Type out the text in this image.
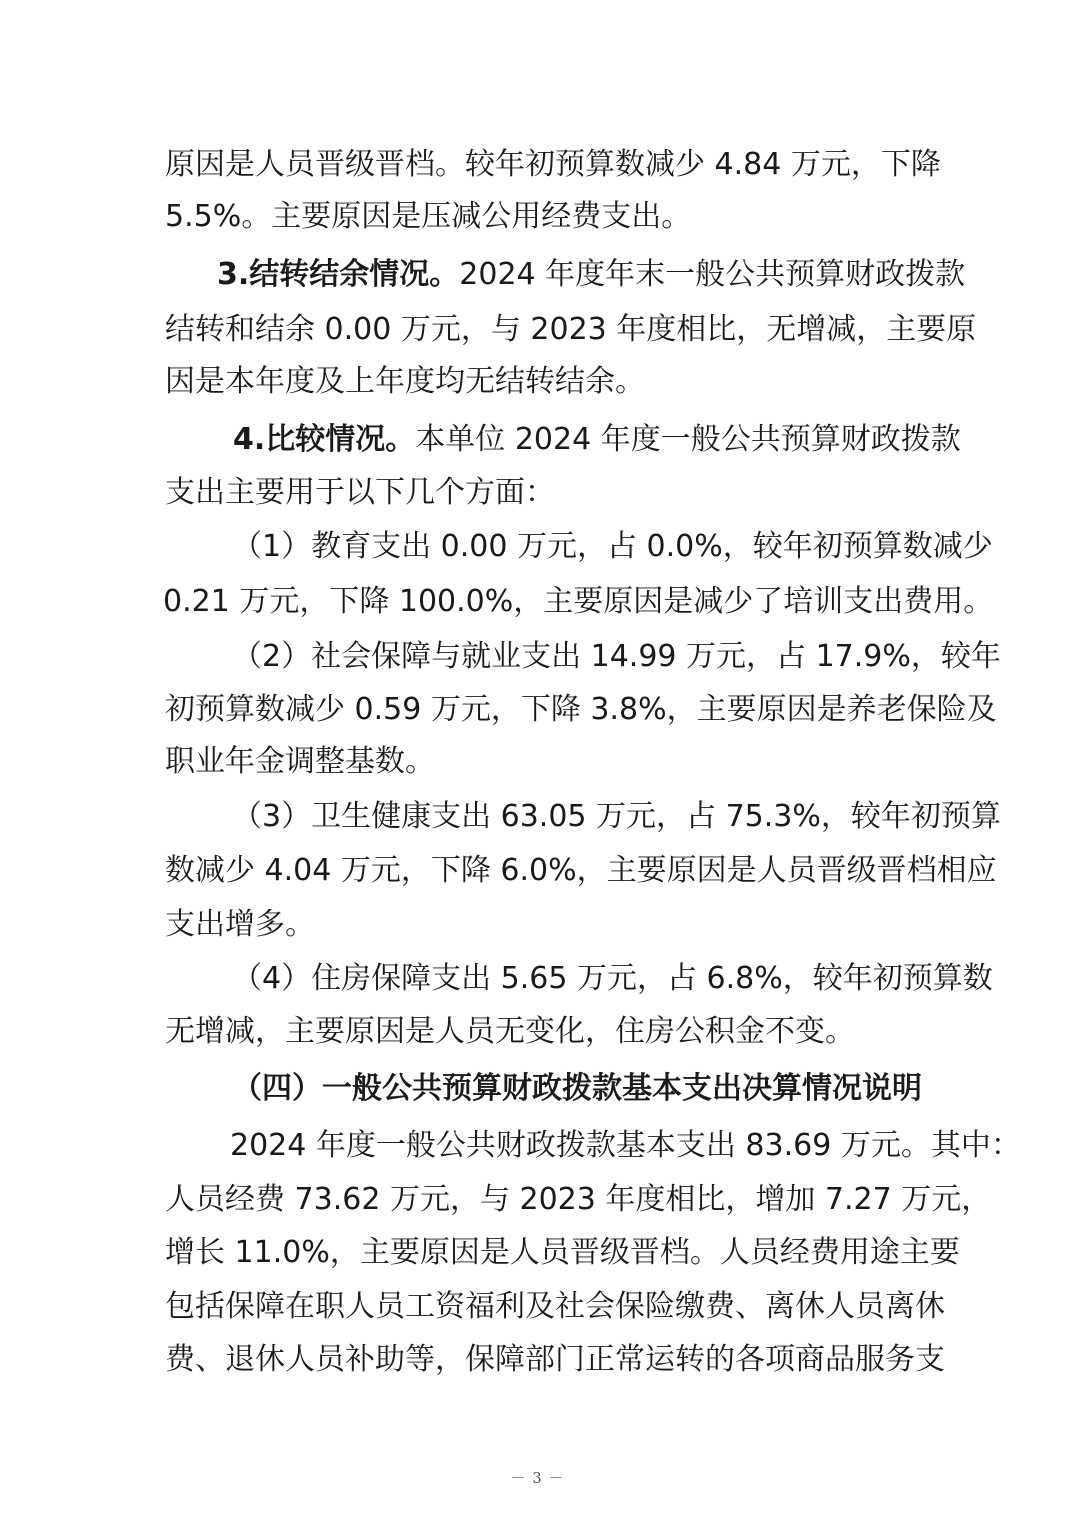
原因是人员晋级晋档。较年初预算数减少 4.84 万元，下降
5.5%。主要原因是压减公用经费支出。
3.结转结余情况。2024 年度年末一般公共预算财政拨款
结转和结余 0.00 万元，与 2023 年度相比，无增减，主要原
因是本年度及上年度均无结转结余。
4.比较情况。本单位 2024 年度一般公共预算财政拨款
支出主要用于以下几个方面：
（1）教育支出 0.00 万元，占 0.0%，较年初预算数减少
0.21 万元，下降 100.0%，主要原因是减少了培训支出费用。
（2）社会保障与就业支出 14.99 万元，占 17.9%，较年
初预算数减少 0.59 万元，下降 3.8%，主要原因是养老保险及
职业年金调整基数。
（3）卫生健康支出 63.05 万元，占 75.3%，较年初预算
数减少 4.04 万元，下降 6.0%，主要原因是人员晋级晋档相应
支出增多。
（4）住房保障支出 5.65 万元，占 6.8%，较年初预算数
无增减，主要原因是人员无变化，住房公积金不变。
（四）一般公共预算财政拨款基本支出决算情况说明
2024 年度一般公共财政拨款基本支出 83.69 万元。其中：
人员经费 73.62 万元，与 2023 年度相比，增加 7.27 万元，
增长 11.0%，主要原因是人员晋级晋档。人员经费用途主要
包括保障在职人员工资福利及社会保险缴费、离休人员离休
费、退休人员补助等，保障部门正常运转的各项商品服务支
－ 3 －
